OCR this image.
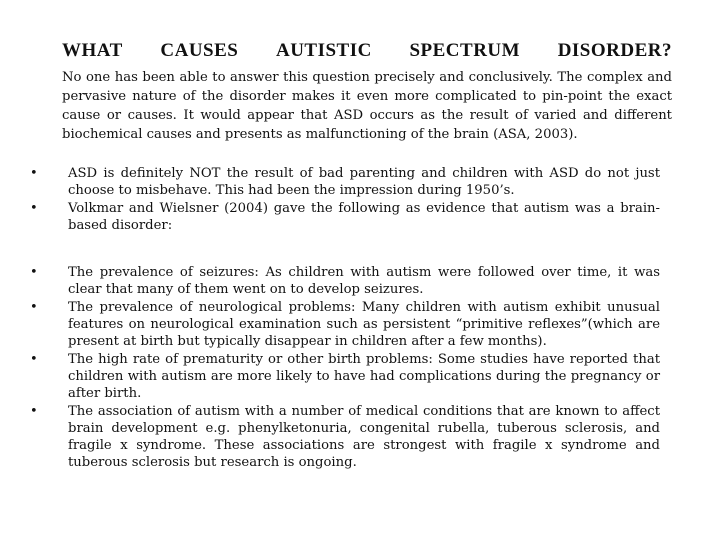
WHAT CAUSES AUTISTIC SPECTRUM DISORDER?

No one has been able to answer this question precisely and conclusively. The complex and pervasive nature of the disorder makes it even more complicated to pin-point the exact cause or causes. It would appear that ASD occurs as the result of varied and different biochemical causes and presents as malfunctioning of the brain (ASA, 2003).

• ASD is definitely NOT the result of bad parenting and children with ASD do not just choose to misbehave. This had been the impression during 1950’s.
• Volkmar and Wielsner (2004) gave the following as evidence that autism was a brain-based disorder:
• The prevalence of seizures: As children with autism were followed over time, it was clear that many of them went on to develop seizures.
• The prevalence of neurological problems: Many children with autism exhibit unusual features on neurological examination such as persistent “primitive reflexes”(which are present at birth but typically disappear in children after a few months).
• The high rate of prematurity or other birth problems: Some studies have reported that children with autism are more likely to have had complications during the pregnancy or after birth.
• The association of autism with a number of medical conditions that are known to affect brain development e.g. phenylketonuria, congenital rubella, tuberous sclerosis, and fragile x syndrome. These associations are strongest with fragile x syndrome and tuberous sclerosis but research is ongoing.
